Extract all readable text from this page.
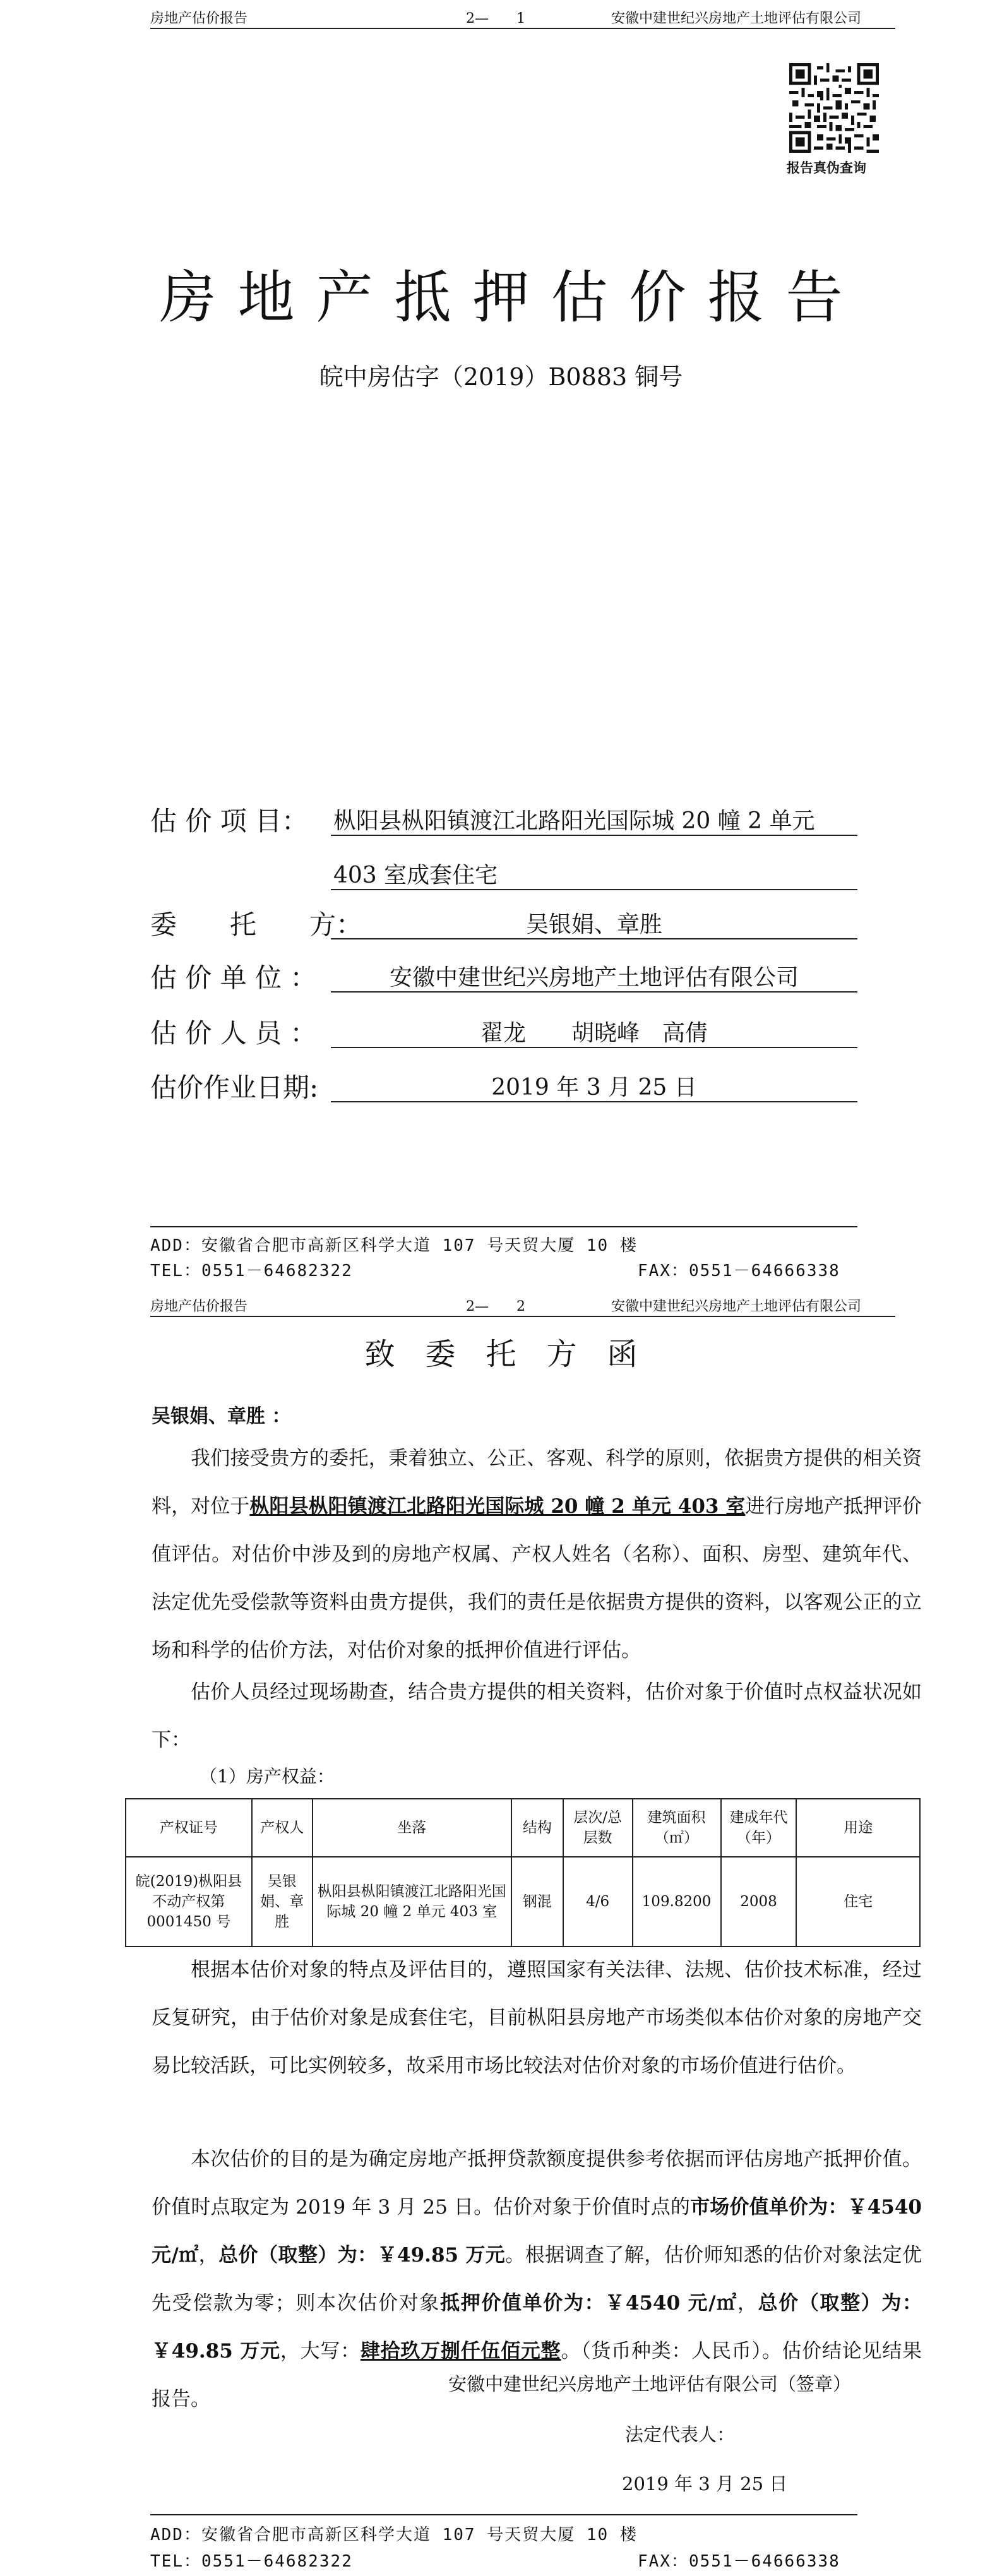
房地产估价报告	2—　　1	安徽中建世纪兴房地产土地评估有限公司
报告真伪查询
房地产抵押估价报告
皖中房估字（2019）B0883 铜号
估 价 项 目： 枞阳县枞阳镇渡江北路阳光国际城 20 幢 2 单元
403 室成套住宅
委　　托　　方：	吴银娟、章胜
估 价 单 位 ：	安徽中建世纪兴房地产土地评估有限公司
估 价 人 员 ：	翟龙　　胡晓峰　高倩
估价作业日期:	2019 年 3 月 25 日
ADD：安徽省合肥市高新区科学大道 107 号天贸大厦 10 楼
TEL：0551－64682322	FAX：0551－64666338
房地产估价报告	2—　　2	安徽中建世纪兴房地产土地评估有限公司
致　委　托　方　函
吴银娟、章胜 ：

我们接受贵方的委托，秉着独立、公正、客观、科学的原则，依据贵方提供的相关资料，对位于枞阳县枞阳镇渡江北路阳光国际城 20 幢 2 单元 403 室进行房地产抵押评价值评估。对估价中涉及到的房地产权属、产权人姓名（名称）、面积、房型、建筑年代、法定优先受偿款等资料由贵方提供，我们的责任是依据贵方提供的资料，以客观公正的立场和科学的估价方法，对估价对象的抵押价值进行评估。

估价人员经过现场勘查，结合贵方提供的相关资料，估价对象于价值时点权益状况如下：

（1）房产权益：
产权证号	产权人	坐落	结构	层次/总层数	建筑面积（㎡）	建成年代（年）	用途
皖(2019)枞阳县不动产权第 0001450 号	吴银娟、章胜	枞阳县枞阳镇渡江北路阳光国际城 20 幢 2 单元 403 室	钢混	4/6	109.8200	2008	住宅

根据本估价对象的特点及评估目的，遵照国家有关法律、法规、估价技术标准，经过反复研究，由于估价对象是成套住宅，目前枞阳县房地产市场类似本估价对象的房地产交易比较活跃，可比实例较多，故采用市场比较法对估价对象的市场价值进行估价。

本次估价的目的是为确定房地产抵押贷款额度提供参考依据而评估房地产抵押价值。价值时点取定为 2019 年 3 月 25 日。估价对象于价值时点的市场价值单价为：￥4540 元/㎡，总价（取整）为：￥49.85 万元。根据调查了解，估价师知悉的估价对象法定优先受偿款为零；则本次估价对象抵押价值单价为：￥4540 元/㎡，总价（取整）为：￥49.85 万元，大写：肆拾玖万捌仟伍佰元整。（货币种类：人民币）。估价结论见结果报告。

安徽中建世纪兴房地产土地评估有限公司（签章）
法定代表人：
2019 年 3 月 25 日
ADD：安徽省合肥市高新区科学大道 107 号天贸大厦 10 楼
TEL：0551－64682322	FAX：0551－64666338
